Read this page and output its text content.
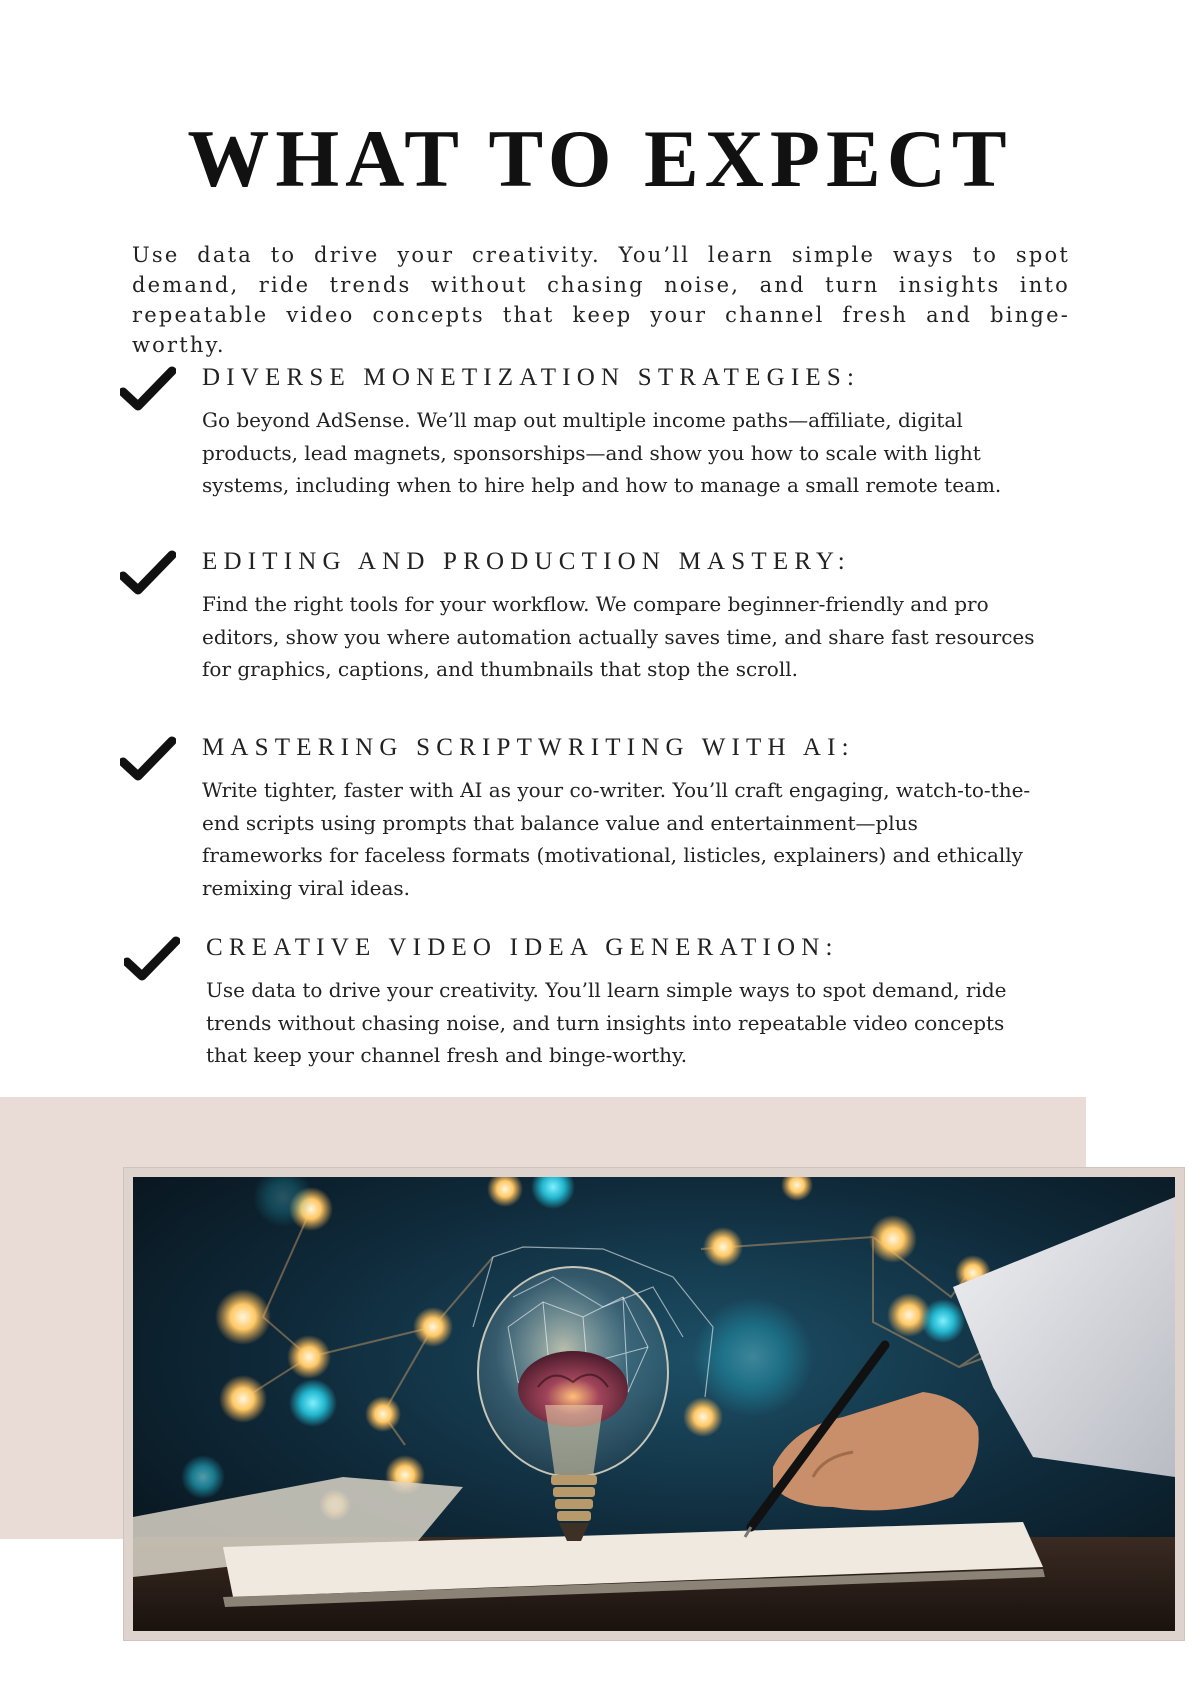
WHAT TO EXPECT

Use data to drive your creativity. You’ll learn simple ways to spot demand, ride trends without chasing noise, and turn insights into repeatable video concepts that keep your channel fresh and binge-worthy.

DIVERSE MONETIZATION STRATEGIES:

Go beyond AdSense. We’ll map out multiple income paths—affiliate, digital products, lead magnets, sponsorships—and show you how to scale with light systems, including when to hire help and how to manage a small remote team.

EDITING AND PRODUCTION MASTERY:

Find the right tools for your workflow. We compare beginner-friendly and pro editors, show you where automation actually saves time, and share fast resources for graphics, captions, and thumbnails that stop the scroll.

MASTERING SCRIPTWRITING WITH AI:

Write tighter, faster with AI as your co-writer. You’ll craft engaging, watch-to-the-end scripts using prompts that balance value and entertainment—plus frameworks for faceless formats (motivational, listicles, explainers) and ethically remixing viral ideas.

CREATIVE VIDEO IDEA GENERATION:

Use data to drive your creativity. You’ll learn simple ways to spot demand, ride trends without chasing noise, and turn insights into repeatable video concepts that keep your channel fresh and binge-worthy.
